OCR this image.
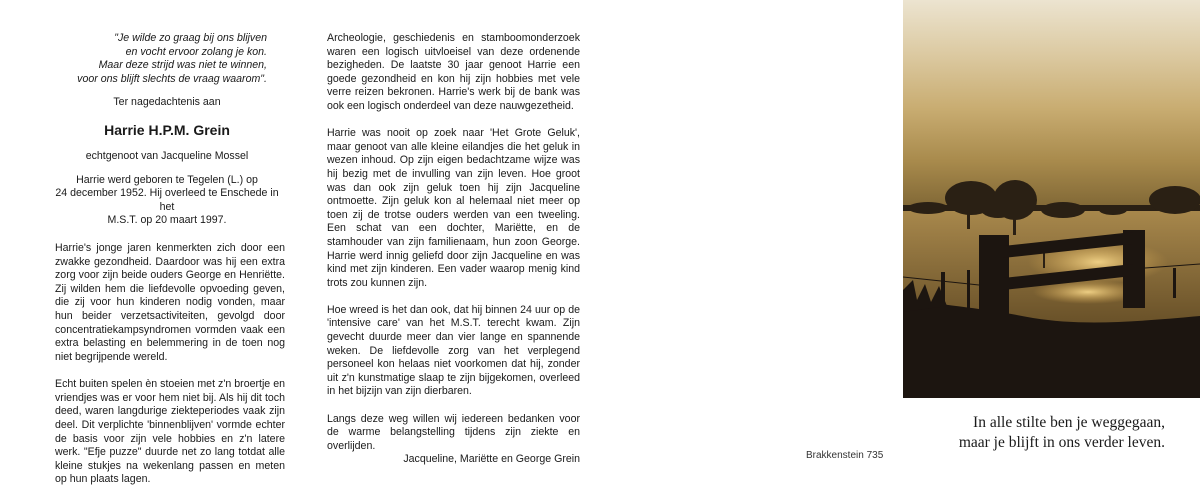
"Je wilde zo graag bij ons blijven
en vocht ervoor zolang je kon.
Maar deze strijd was niet te winnen,
voor ons blijft slechts de vraag waarom".
Ter nagedachtenis aan
Harrie H.P.M. Grein
echtgenoot van Jacqueline Mossel
Harrie werd geboren te Tegelen (L.) op
24 december 1952. Hij overleed te Enschede in het
M.S.T. op 20 maart 1997.

Harrie's jonge jaren kenmerkten zich door een zwakke gezondheid. Daardoor was hij een extra zorg voor zijn beide ouders George en Henriëtte. Zij wilden hem die liefdevolle opvoeding geven, die zij voor hun kinderen nodig vonden, maar hun beider verzetsactiviteiten, gevolgd door concentratiekampsyndromen vormden vaak een extra belasting en belemmering in de toen nog niet begrijpende wereld.

Echt buiten spelen èn stoeien met z'n broertje en vriendjes was er voor hem niet bij. Als hij dit toch deed, waren langdurige ziekteperiodes vaak zijn deel. Dit verplichte 'binnenblijven' vormde echter de basis voor zijn vele hobbies en z'n latere werk. "Efje puzze" duurde net zo lang totdat alle kleine stukjes na wekenlang passen en meten op hun plaats lagen.

Archeologie, geschiedenis en stamboomonderzoek waren een logisch uitvloeisel van deze ordenende bezigheden. De laatste 30 jaar genoot Harrie een goede gezondheid en kon hij zijn hobbies met vele verre reizen bekronen. Harrie's werk bij de bank was ook een logisch onderdeel van deze nauwgezetheid.

Harrie was nooit op zoek naar 'Het Grote Geluk', maar genoot van alle kleine eilandjes die het geluk in wezen inhoud. Op zijn eigen bedachtzame wijze was hij bezig met de invulling van zijn leven. Hoe groot was dan ook zijn geluk toen hij zijn Jacqueline ontmoette. Zijn geluk kon al helemaal niet meer op toen zij de trotse ouders werden van een tweeling. Een schat van een dochter, Mariëtte, en de stamhouder van zijn familienaam, hun zoon George. Harrie werd innig geliefd door zijn Jacqueline en was kind met zijn kinderen. Een vader waarop menig kind trots zou kunnen zijn.

Hoe wreed is het dan ook, dat hij binnen 24 uur op de 'intensive care' van het M.S.T. terecht kwam. Zijn gevecht duurde meer dan vier lange en spannende weken. De liefdevolle zorg van het verplegend personeel kon helaas niet voorkomen dat hij, zonder uit z'n kunstmatige slaap te zijn bijgekomen, overleed in het bijzijn van zijn dierbaren.

Langs deze weg willen wij iedereen bedanken voor de warme belangstelling tijdens zijn ziekte en overlijden.

Jacqueline, Mariëtte en George Grein

In alle stilte ben je weggegaan,
maar je blijft in ons verder leven.
Brakkenstein 735
